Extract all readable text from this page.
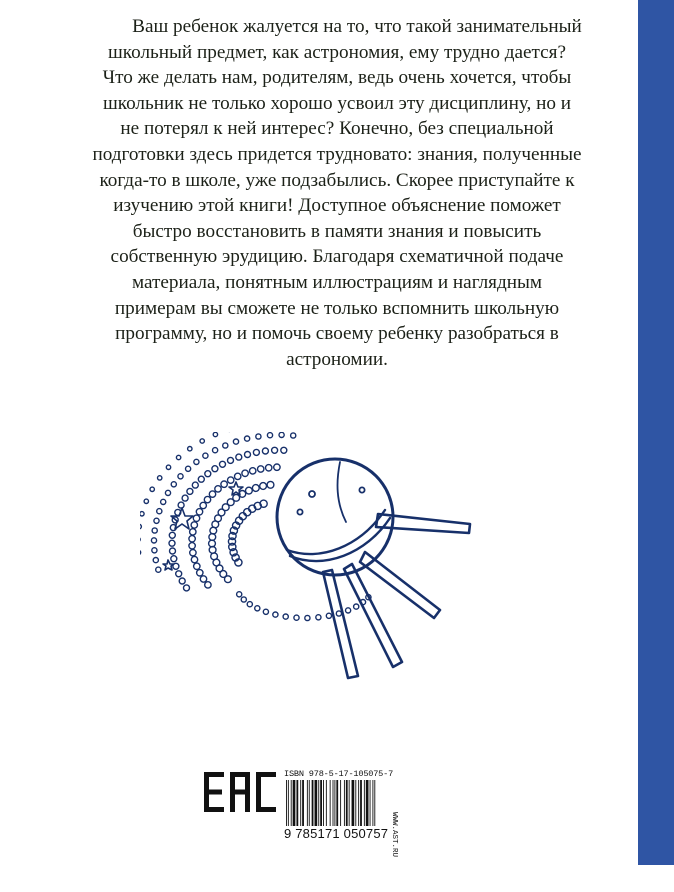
Ваш ребенок жалуется на то, что такой занимательный школьный предмет, как астрономия, ему трудно дается? Что же делать нам, родителям, ведь очень хочется, чтобы школьник не только хорошо усвоил эту дисциплину, но и не потерял к ней интерес? Конечно, без специальной подготовки здесь придется трудновато: знания, полученные когда-то в школе, уже подзабылись. Скорее приступайте к изучению этой книги! Доступное объяснение поможет быстро восстановить в памяти знания и повысить собственную эрудицию. Благодаря схематичной подаче материала, понятным иллюстрациям и наглядным примерам вы сможете не только вспомнить школьную программу, но и помочь своему ребенку разобраться в астрономии.
ISBN 978-5-17-105075-7
9 785171 050757 WWW.AST.RU
